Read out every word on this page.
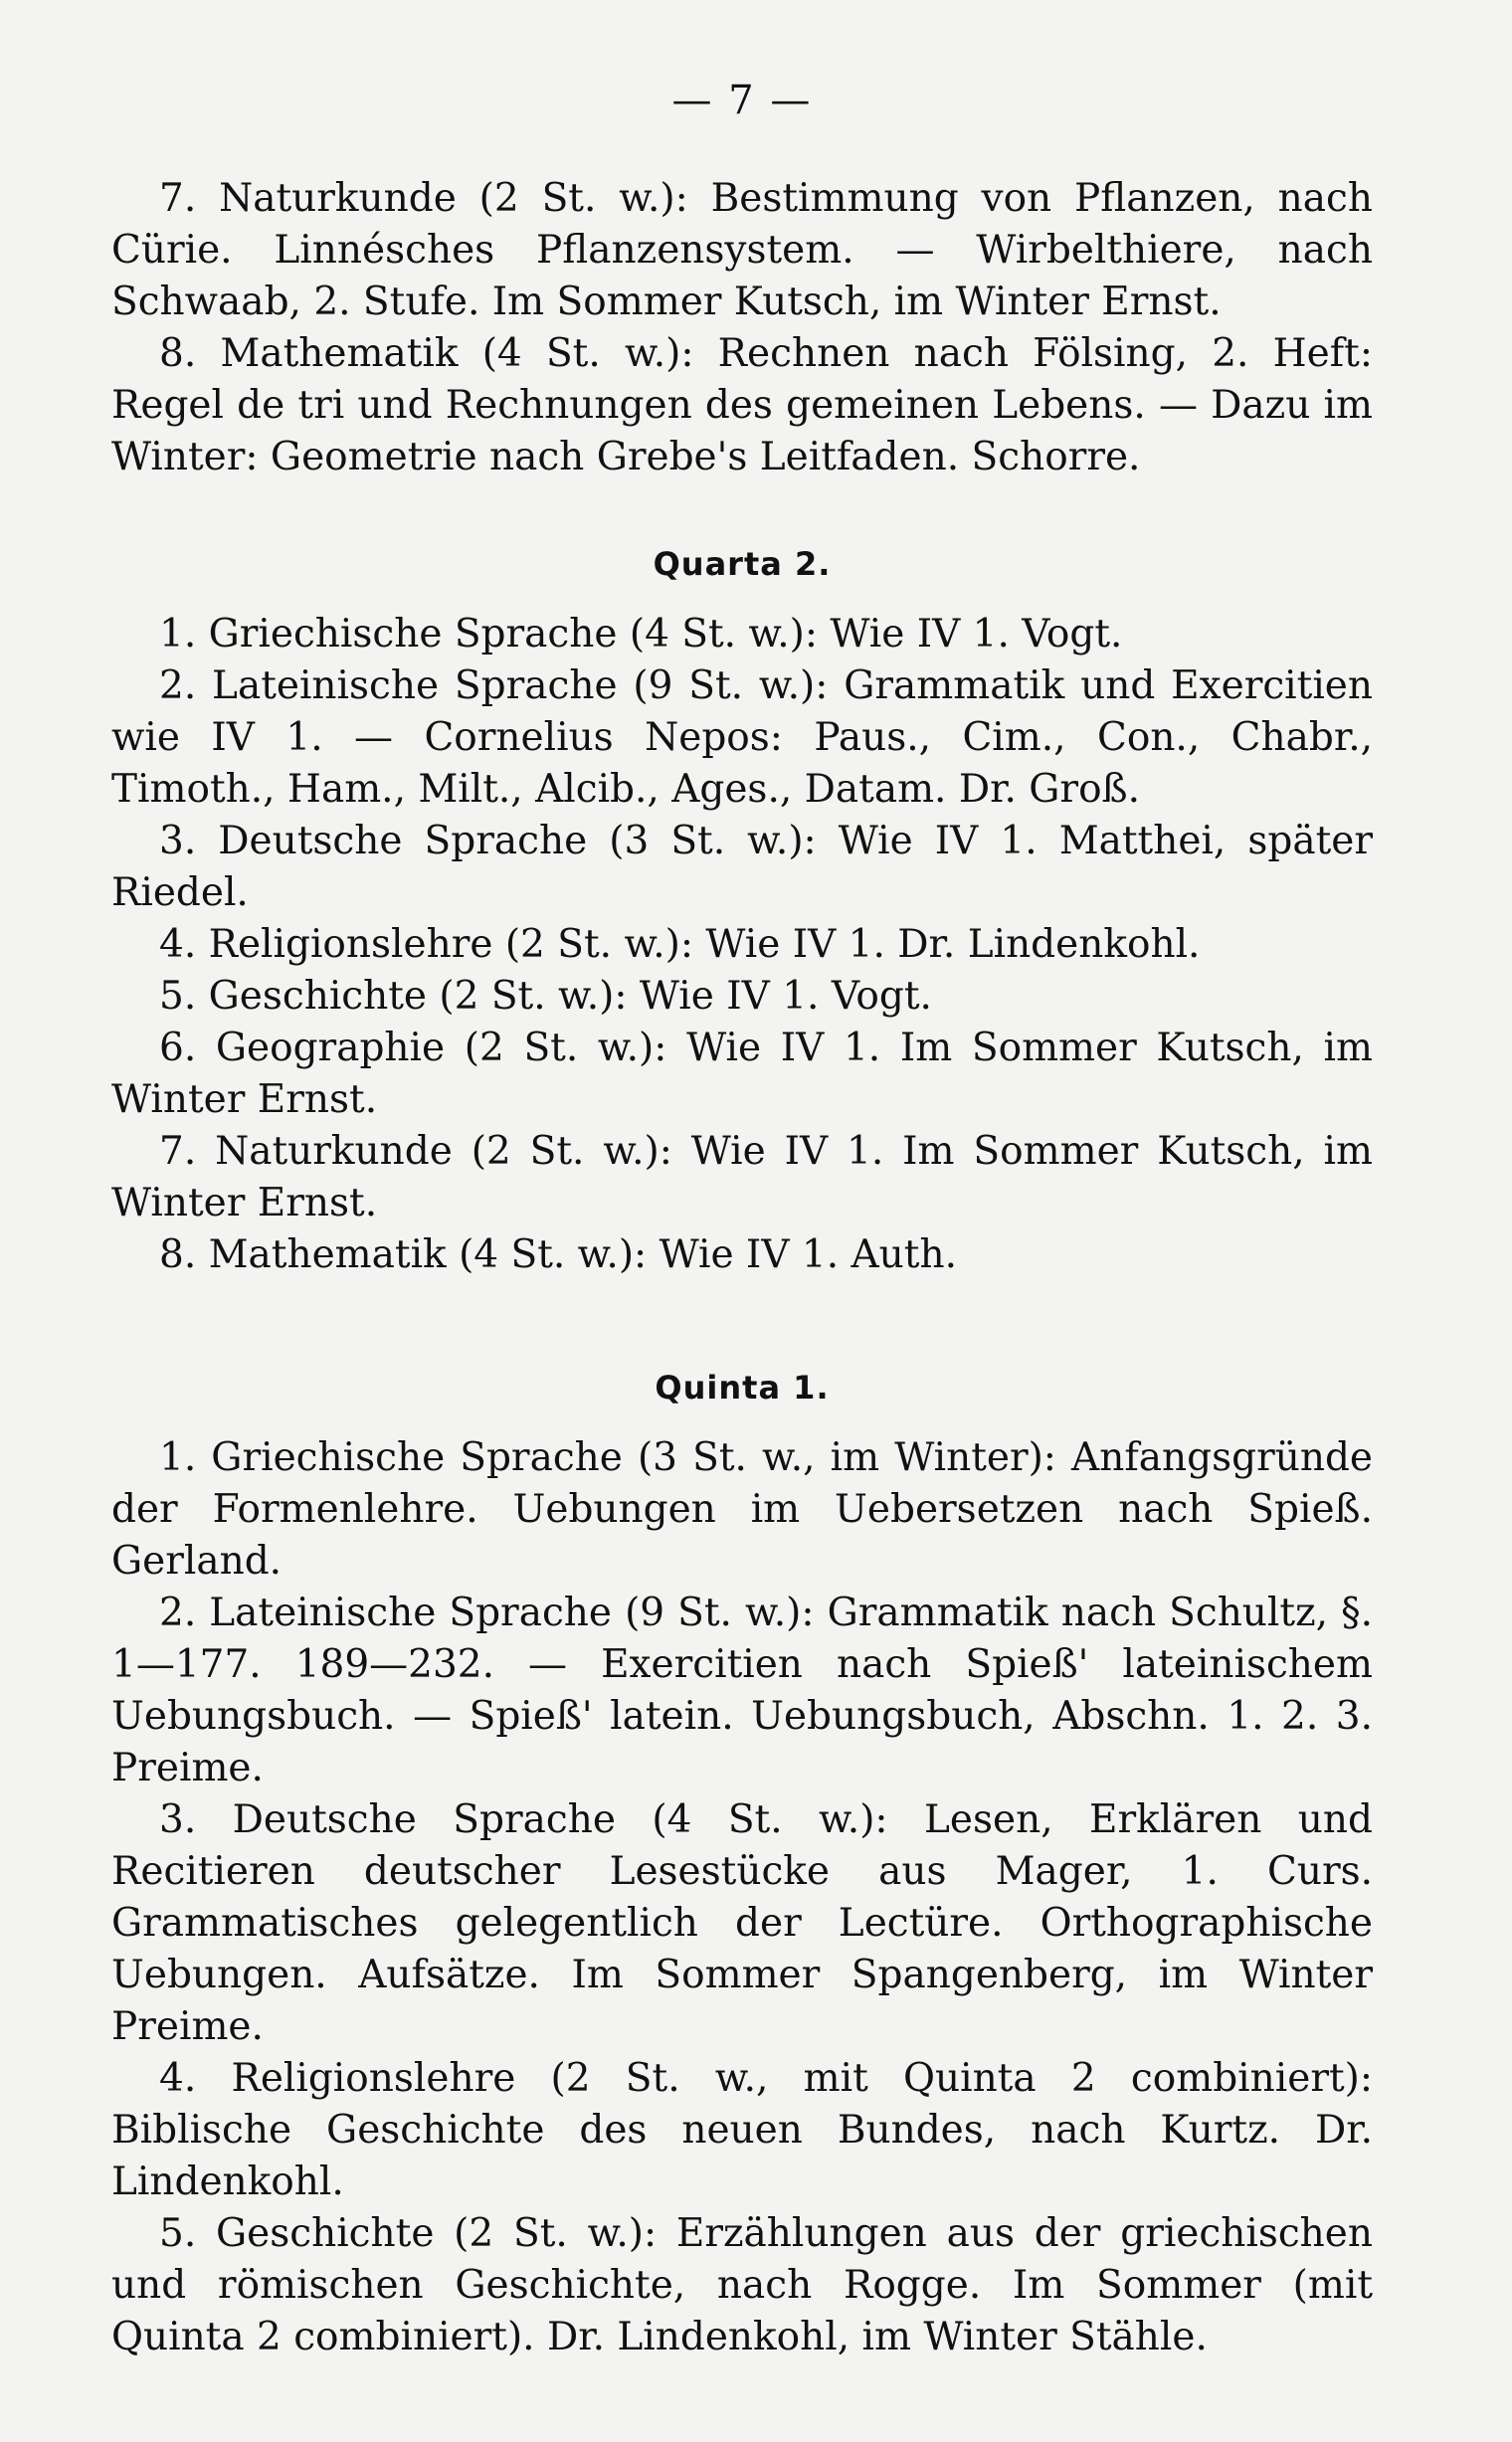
— 7 —

7. Naturkunde (2 St. w.): Bestimmung von Pflanzen, nach Cürie. Linnésches Pflanzensystem. — Wirbelthiere, nach Schwaab, 2. Stufe. Im Sommer Kutsch, im Winter Ernst.

8. Mathematik (4 St. w.): Rechnen nach Fölsing, 2. Heft: Regel de tri und Rechnungen des gemeinen Lebens. — Dazu im Winter: Geometrie nach Grebe's Leitfaden. Schorre.

Quarta 2.

1. Griechische Sprache (4 St. w.): Wie IV 1. Vogt.

2. Lateinische Sprache (9 St. w.): Grammatik und Exercitien wie IV 1. — Cornelius Nepos: Paus., Cim., Con., Chabr., Timoth., Ham., Milt., Alcib., Ages., Datam. Dr. Groß.

3. Deutsche Sprache (3 St. w.): Wie IV 1. Matthei, später Riedel.

4. Religionslehre (2 St. w.): Wie IV 1. Dr. Lindenkohl.

5. Geschichte (2 St. w.): Wie IV 1. Vogt.

6. Geographie (2 St. w.): Wie IV 1. Im Sommer Kutsch, im Winter Ernst.

7. Naturkunde (2 St. w.): Wie IV 1. Im Sommer Kutsch, im Winter Ernst.

8. Mathematik (4 St. w.): Wie IV 1. Auth.

Quinta 1.

1. Griechische Sprache (3 St. w., im Winter): Anfangsgründe der Formenlehre. Uebungen im Uebersetzen nach Spieß. Gerland.

2. Lateinische Sprache (9 St. w.): Grammatik nach Schultz, §. 1—177. 189—232. — Exercitien nach Spieß' lateinischem Uebungsbuch. — Spieß' latein. Uebungsbuch, Abschn. 1. 2. 3. Preime.

3. Deutsche Sprache (4 St. w.): Lesen, Erklären und Recitieren deutscher Lesestücke aus Mager, 1. Curs. Grammatisches gelegentlich der Lectüre. Orthographische Uebungen. Aufsätze. Im Sommer Spangenberg, im Winter Preime.

4. Religionslehre (2 St. w., mit Quinta 2 combiniert): Biblische Geschichte des neuen Bundes, nach Kurtz. Dr. Lindenkohl.

5. Geschichte (2 St. w.): Erzählungen aus der griechischen und römischen Geschichte, nach Rogge. Im Sommer (mit Quinta 2 combiniert). Dr. Lindenkohl, im Winter Stähle.
